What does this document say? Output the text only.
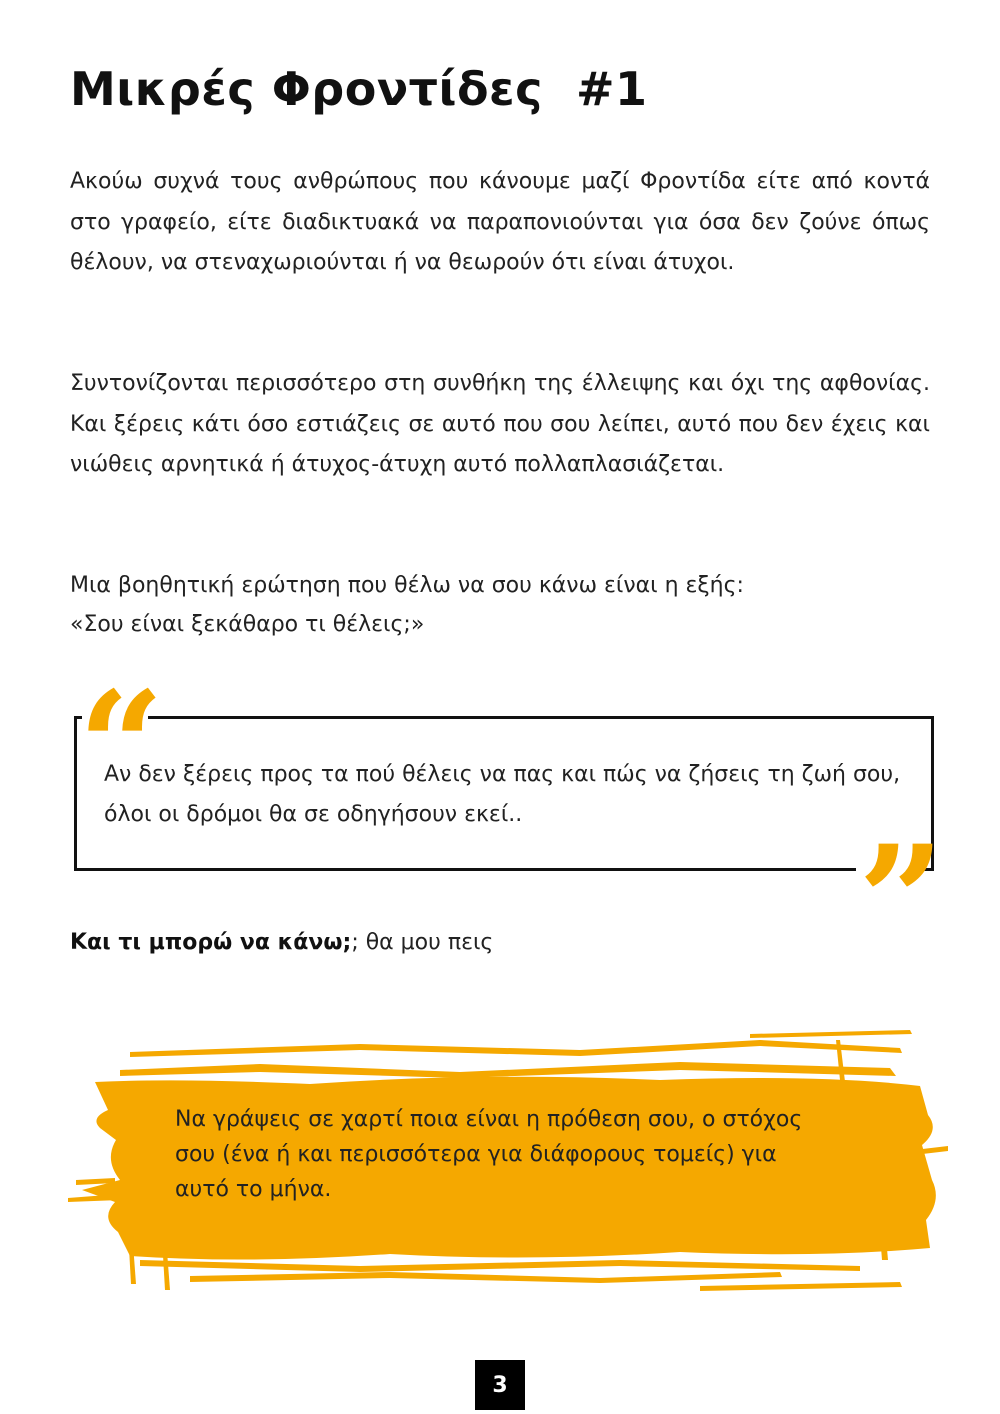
Μικρές Φροντίδες  #1

Ακούω συχνά τους ανθρώπους που κάνουμε μαζί Φροντίδα είτε από κοντά στο γραφείο, είτε διαδικτυακά να παραπονιούνται για όσα δεν ζούνε όπως θέλουν, να στεναχωριούνται ή να θεωρούν ότι είναι άτυχοι.

Συντονίζονται περισσότερο στη συνθήκη της έλλειψης και όχι της αφθονίας. Και ξέρεις κάτι όσο εστιάζεις σε αυτό που σου λείπει, αυτό που δεν έχεις και νιώθεις αρνητικά ή άτυχος-άτυχη αυτό πολλαπλασιάζεται.

Μια βοηθητική ερώτηση που θέλω να σου κάνω είναι η εξής:

«Σου είναι ξεκάθαρο τι θέλεις;»

“
”

Αν δεν ξέρεις προς τα πού θέλεις να πας και πώς να ζήσεις τη ζωή σου, όλοι οι δρόμοι θα σε οδηγήσουν εκεί..

Και τι μπορώ να κάνω;; θα μου πεις

Να γράψεις σε χαρτί ποια είναι η πρόθεση σου, ο στόχος σου (ένα ή και περισσότερα για διάφορους τομείς) για αυτό το μήνα.

3
